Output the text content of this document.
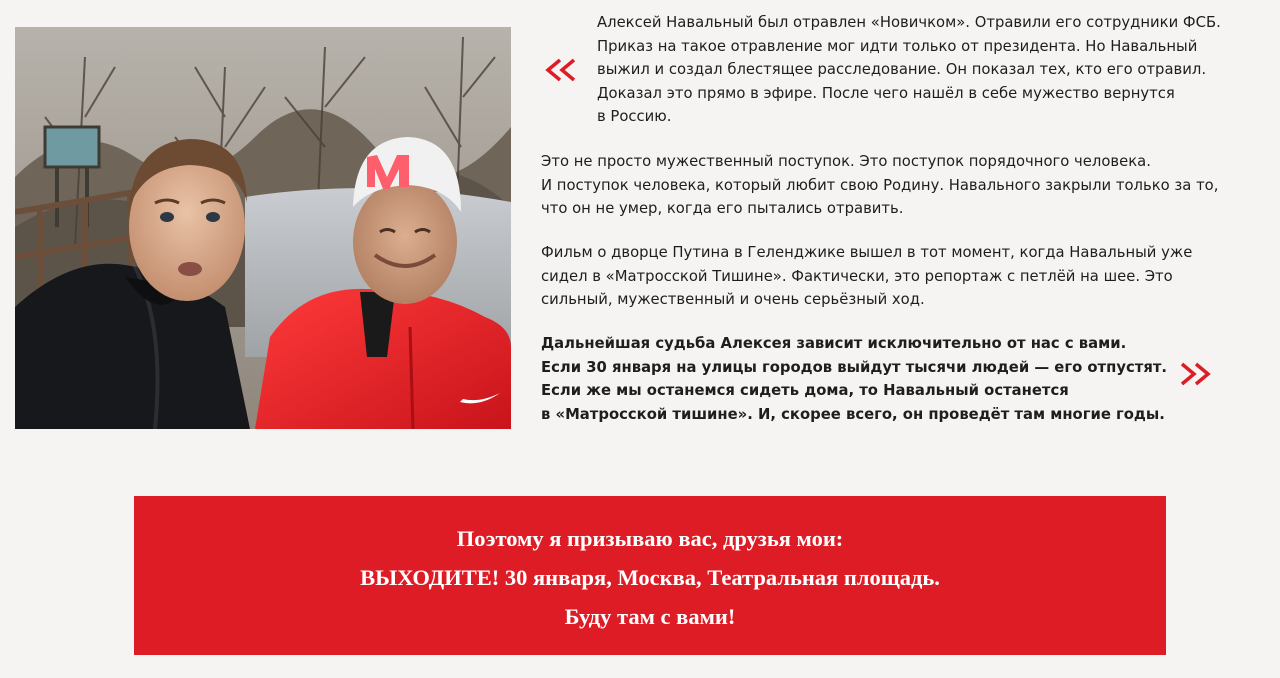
Алексей Навальный был отравлен «Новичком». Отравили его сотрудники ФСБ.
Приказ на такое отравление мог идти только от президента. Но Навальный
выжил и создал блестящее расследование. Он показал тех, кто его отравил.
Доказал это прямо в эфире. После чего нашёл в себе мужество вернутся
в Россию.

Это не просто мужественный поступок. Это поступок порядочного человека.
И поступок человека, который любит свою Родину. Навального закрыли только за то,
что он не умер, когда его пытались отравить.

Фильм о дворце Путина в Геленджике вышел в тот момент, когда Навальный уже
сидел в «Матросской Тишине». Фактически, это репортаж с петлёй на шее. Это
сильный, мужественный и очень серьёзный ход.

Дальнейшая судьба Алексея зависит исключительно от нас с вами.
Если 30 января на улицы городов выйдут тысячи людей — его отпустят.
Если же мы останемся сидеть дома, то Навальный останется
в «Матросской тишине». И, скорее всего, он проведёт там многие годы.

Поэтому я призываю вас, друзья мои:
ВЫХОДИТЕ! 30 января, Москва, Театральная площадь.
Буду там с вами!
